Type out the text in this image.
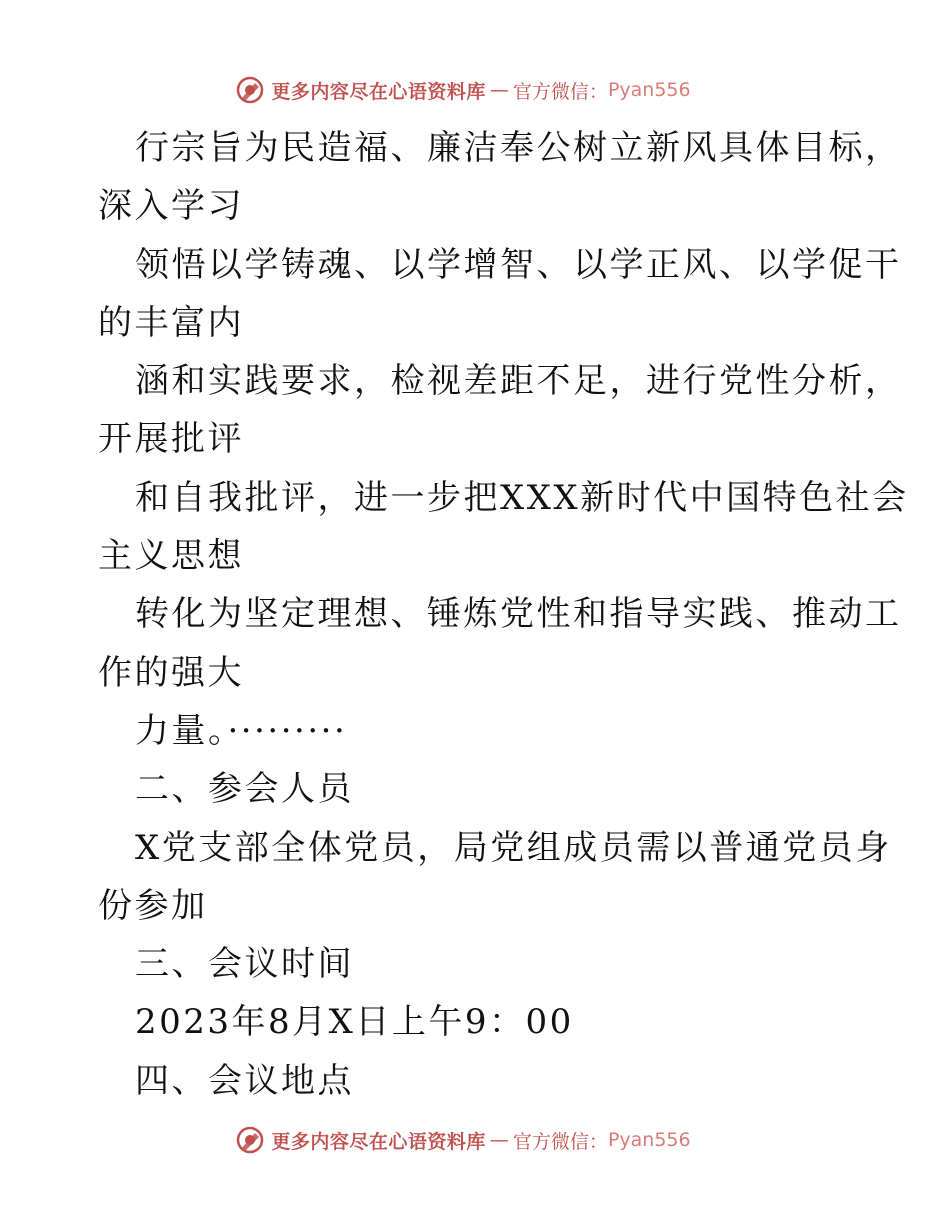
更多内容尽在心语资料库 — 官方微信： Pyan556
行宗旨为民造福、廉洁奉公树立新风具体目标，
深入学习
领悟以学铸魂、以学增智、以学正风、以学促干
的丰富内
涵和实践要求，检视差距不足，进行党性分析，
开展批评
和自我批评，进一步把XXX新时代中国特色社会
主义思想
转化为坚定理想、锤炼党性和指导实践、推动工
作的强大
力量。·········
二、参会人员
X党支部全体党员，局党组成员需以普通党员身
份参加
三、会议时间
2023年8月X日上午9：00
四、会议地点
更多内容尽在心语资料库 — 官方微信： Pyan556
